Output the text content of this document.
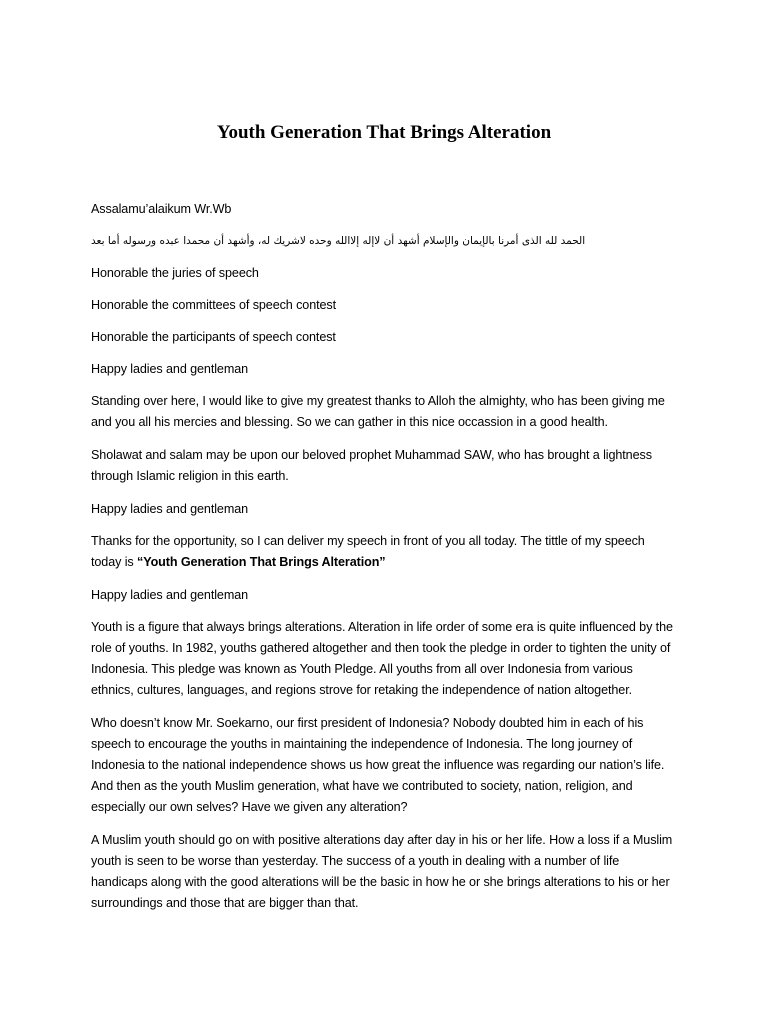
Youth Generation That Brings Alteration

Assalamu’alaikum Wr.Wb

الحمد لله الذى أمرنا بالإيمان والإسلام أشهد أن لاإله إلاالله وحده لاشريك له، وأشهد أن محمدا عبده ورسوله أما بعد

Honorable the juries of speech

Honorable the committees of speech contest

Honorable the participants of speech contest

Happy ladies and gentleman

Standing over here, I would like to give my greatest thanks to Alloh the almighty, who has been giving me and you all his mercies and blessing. So we can gather in this nice occassion in a good health.

Sholawat and salam may be upon our beloved prophet Muhammad SAW, who has brought a lightness through Islamic religion in this earth.

Happy ladies and gentleman

Thanks for the opportunity, so I can deliver my speech in front of you all today. The tittle of my speech today is “Youth Generation That Brings Alteration”

Happy ladies and gentleman

Youth is a figure that always brings alterations. Alteration in life order of some era is quite influenced by the role of youths. In 1982, youths gathered altogether and then took the pledge in order to tighten the unity of Indonesia. This pledge was known as Youth Pledge. All youths from all over Indonesia from various ethnics, cultures, languages, and regions strove for retaking the independence of nation altogether.

Who doesn’t know Mr. Soekarno, our first president of Indonesia? Nobody doubted him in each of his speech to encourage the youths in maintaining the independence of Indonesia. The long journey of Indonesia to the national independence shows us how great the influence was regarding our nation’s life. And then as the youth Muslim generation, what have we contributed to society, nation, religion, and especially our own selves? Have we given any alteration?

A Muslim youth should go on with positive alterations day after day in his or her life. How a loss if a Muslim youth is seen to be worse than yesterday. The success of a youth in dealing with a number of life handicaps along with the good alterations will be the basic in how he or she brings alterations to his or her surroundings and those that are bigger than that.
